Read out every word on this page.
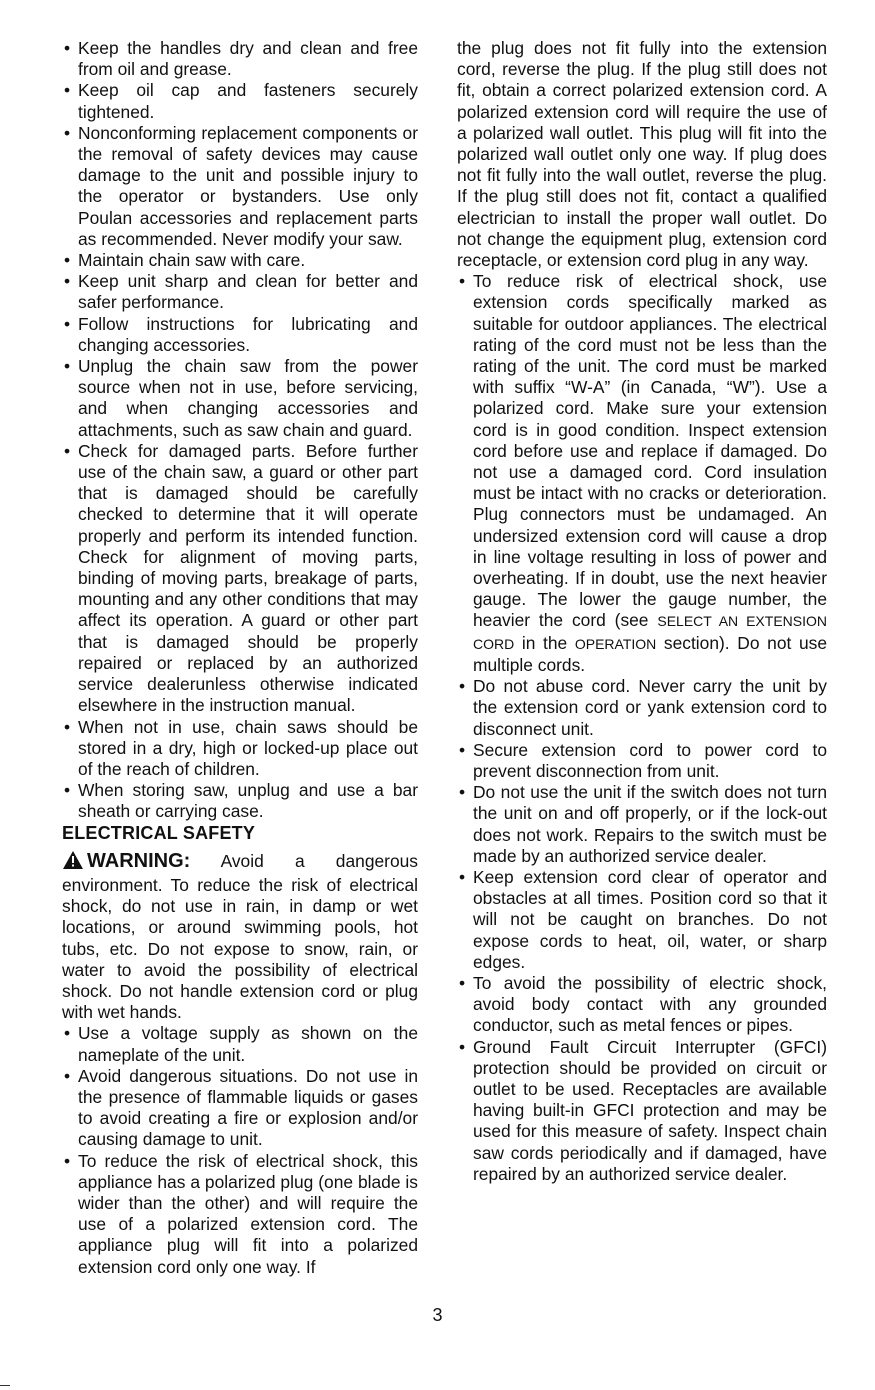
• Keep the handles dry and clean and free from oil and grease.
• Keep oil cap and fasteners securely tightened.
• Nonconforming replacement components or the removal of safety devices may cause damage to the unit and possible injury to the operator or bystanders. Use only Poulan accessories and replacement parts as recommended. Never modify your saw.
• Maintain chain saw with care.
• Keep unit sharp and clean for better and safer performance.
• Follow instructions for lubricating and changing accessories.
• Unplug the chain saw from the power source when not in use, before servicing, and when changing accessories and attachments, such as saw chain and guard.
• Check for damaged parts. Before further use of the chain saw, a guard or other part that is damaged should be carefully checked to determine that it will operate properly and perform its intended function. Check for alignment of moving parts, binding of moving parts, breakage of parts, mounting and any other conditions that may affect its operation. A guard or other part that is damaged should be properly repaired or replaced by an authorized service dealerunless otherwise indicated elsewhere in the instruction manual.
• When not in use, chain saws should be stored in a dry, high or locked-up place out of the reach of children.
• When storing saw, unplug and use a bar sheath or carrying case.

ELECTRICAL SAFETY

WARNING: Avoid a dangerous environment. To reduce the risk of electrical shock, do not use in rain, in damp or wet locations, or around swimming pools, hot tubs, etc. Do not expose to snow, rain, or water to avoid the possibility of electrical shock. Do not handle extension cord or plug with wet hands.

• Use a voltage supply as shown on the nameplate of the unit.
• Avoid dangerous situations. Do not use in the presence of flammable liquids or gases to avoid creating a fire or explosion and/or causing damage to unit.
• To reduce the risk of electrical shock, this appliance has a polarized plug (one blade is wider than the other) and will require the use of a polarized extension cord. The appliance plug will fit into a polarized extension cord only one way. If

the plug does not fit fully into the extension cord, reverse the plug. If the plug still does not fit, obtain a correct polarized extension cord. A polarized extension cord will require the use of a polarized wall outlet. This plug will fit into the polarized wall outlet only one way. If plug does not fit fully into the wall outlet, reverse the plug. If the plug still does not fit, contact a qualified electrician to install the proper wall outlet. Do not change the equipment plug, extension cord receptacle, or extension cord plug in any way.

• To reduce risk of electrical shock, use extension cords specifically marked as suitable for outdoor appliances. The electrical rating of the cord must not be less than the rating of the unit. The cord must be marked with suffix “W-A” (in Canada, “W”). Use a polarized cord. Make sure your extension cord is in good condition. Inspect extension cord before use and replace if damaged. Do not use a damaged cord. Cord insulation must be intact with no cracks or deterioration. Plug connectors must be undamaged. An undersized extension cord will cause a drop in line voltage resulting in loss of power and overheating. If in doubt, use the next heavier gauge. The lower the gauge number, the heavier the cord (see SELECT AN EXTENSION CORD in the OPERATION section). Do not use multiple cords.
• Do not abuse cord. Never carry the unit by the extension cord or yank extension cord to disconnect unit.
• Secure extension cord to power cord to prevent disconnection from unit.
• Do not use the unit if the switch does not turn the unit on and off properly, or if the lock-out does not work. Repairs to the switch must be made by an authorized service dealer.
• Keep extension cord clear of operator and obstacles at all times. Position cord so that it will not be caught on branches. Do not expose cords to heat, oil, water, or sharp edges.
• To avoid the possibility of electric shock, avoid body contact with any grounded conductor, such as metal fences or pipes.
• Ground Fault Circuit Interrupter (GFCI) protection should be provided on circuit or outlet to be used. Receptacles are available having built-in GFCI protection and may be used for this measure of safety. Inspect chain saw cords periodically and if damaged, have repaired by an authorized service dealer.
3
